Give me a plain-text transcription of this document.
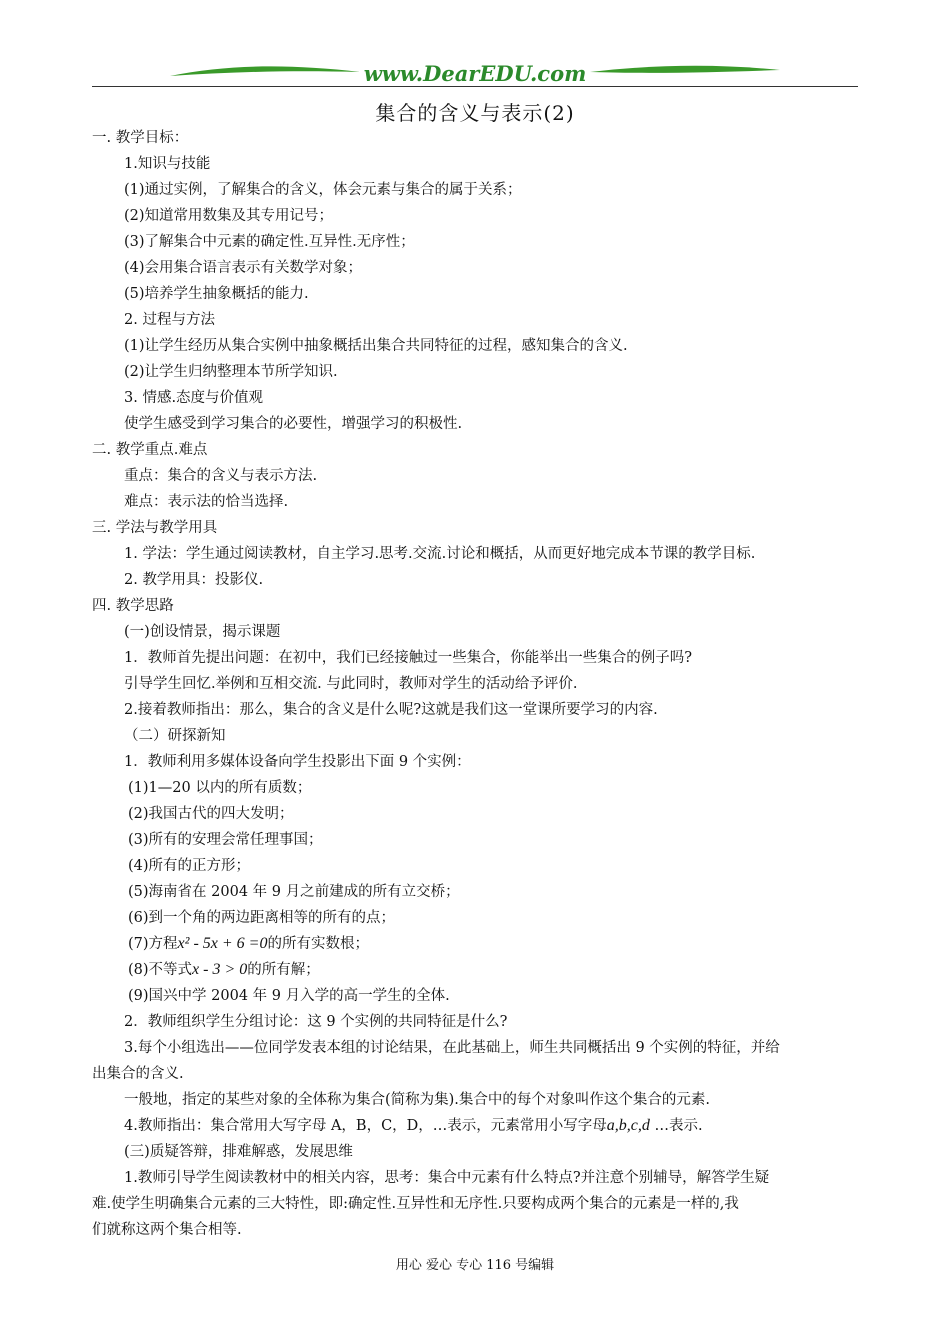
www.DearEDU.com
集合的含义与表示(2)
一. 教学目标：
1.知识与技能
(1)通过实例，了解集合的含义，体会元素与集合的属于关系；
(2)知道常用数集及其专用记号；
(3)了解集合中元素的确定性.互异性.无序性；
(4)会用集合语言表示有关数学对象；
(5)培养学生抽象概括的能力.
2. 过程与方法
(1)让学生经历从集合实例中抽象概括出集合共同特征的过程，感知集合的含义.
(2)让学生归纳整理本节所学知识.
3. 情感.态度与价值观
使学生感受到学习集合的必要性，增强学习的积极性.
二. 教学重点.难点
重点：集合的含义与表示方法.
难点：表示法的恰当选择.
三. 学法与教学用具
1. 学法：学生通过阅读教材，自主学习.思考.交流.讨论和概括，从而更好地完成本节课的教学目标.
2. 教学用具：投影仪.
四. 教学思路
(一)创设情景，揭示课题
1．教师首先提出问题：在初中，我们已经接触过一些集合，你能举出一些集合的例子吗?
引导学生回忆.举例和互相交流. 与此同时，教师对学生的活动给予评价.
2.接着教师指出：那么，集合的含义是什么呢?这就是我们这一堂课所要学习的内容.
（二）研探新知
1．教师利用多媒体设备向学生投影出下面 9 个实例：
(1)1—20 以内的所有质数；
(2)我国古代的四大发明；
(3)所有的安理会常任理事国；
(4)所有的正方形；
(5)海南省在 2004 年 9 月之前建成的所有立交桥；
(6)到一个角的两边距离相等的所有的点；
(7)方程x² - 5x + 6 =0的所有实数根；
(8)不等式x - 3 > 0的所有解；
(9)国兴中学 2004 年 9 月入学的高一学生的全体.
2．教师组织学生分组讨论：这 9 个实例的共同特征是什么?
3.每个小组选出——位同学发表本组的讨论结果，在此基础上，师生共同概括出 9 个实例的特征，并给
出集合的含义.
一般地，指定的某些对象的全体称为集合(简称为集).集合中的每个对象叫作这个集合的元素.
4.教师指出：集合常用大写字母 A，B，C，D，…表示，元素常用小写字母a,b,c,d …表示.
(三)质疑答辩，排难解惑，发展思维
1.教师引导学生阅读教材中的相关内容，思考：集合中元素有什么特点?并注意个别辅导，解答学生疑
难.使学生明确集合元素的三大特性，即:确定性.互异性和无序性.只要构成两个集合的元素是一样的,我
们就称这两个集合相等.
用心 爱心 专心 116 号编辑
